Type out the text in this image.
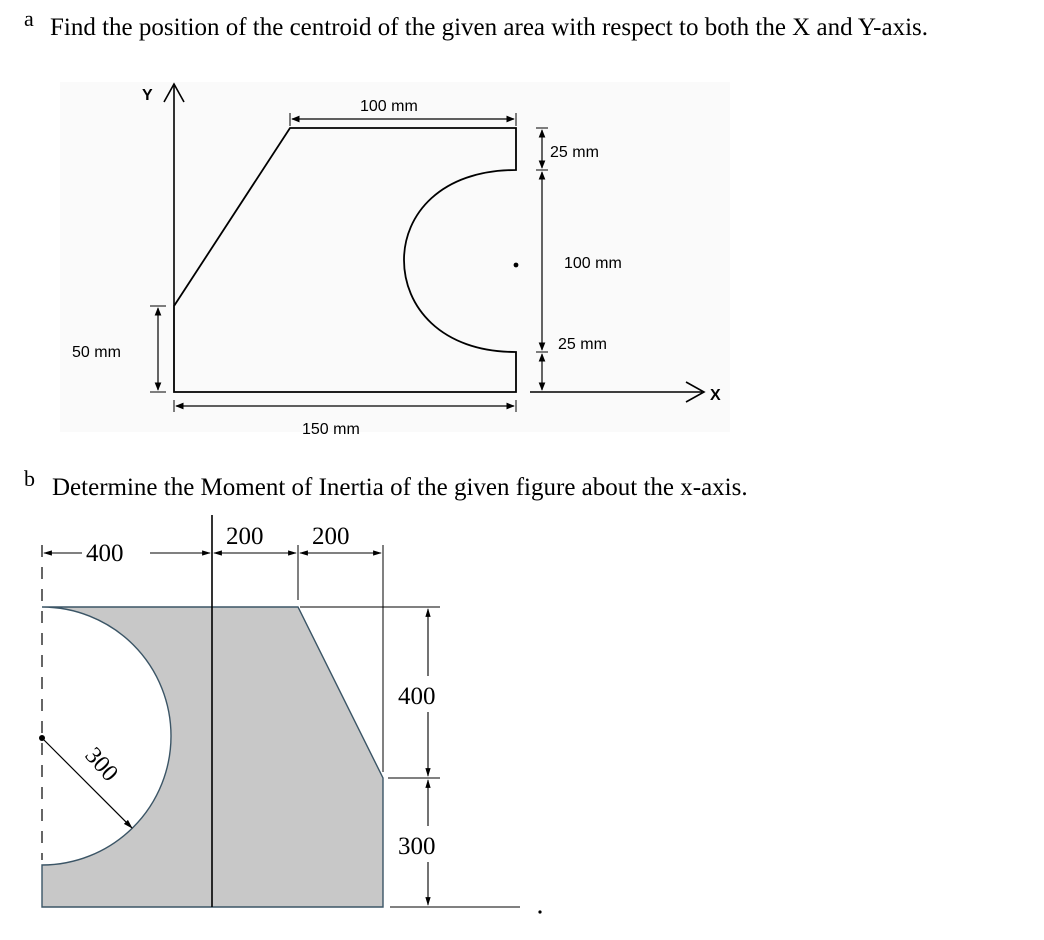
a Find the position of the centroid of the given area with respect to both the X and Y-axis.
Y
100 mm
25 mm
100 mm
25 mm
50 mm
150 mm
X
400
200 200
400
300
300
b Determine the Moment of Inertia of the given figure about the x-axis.
